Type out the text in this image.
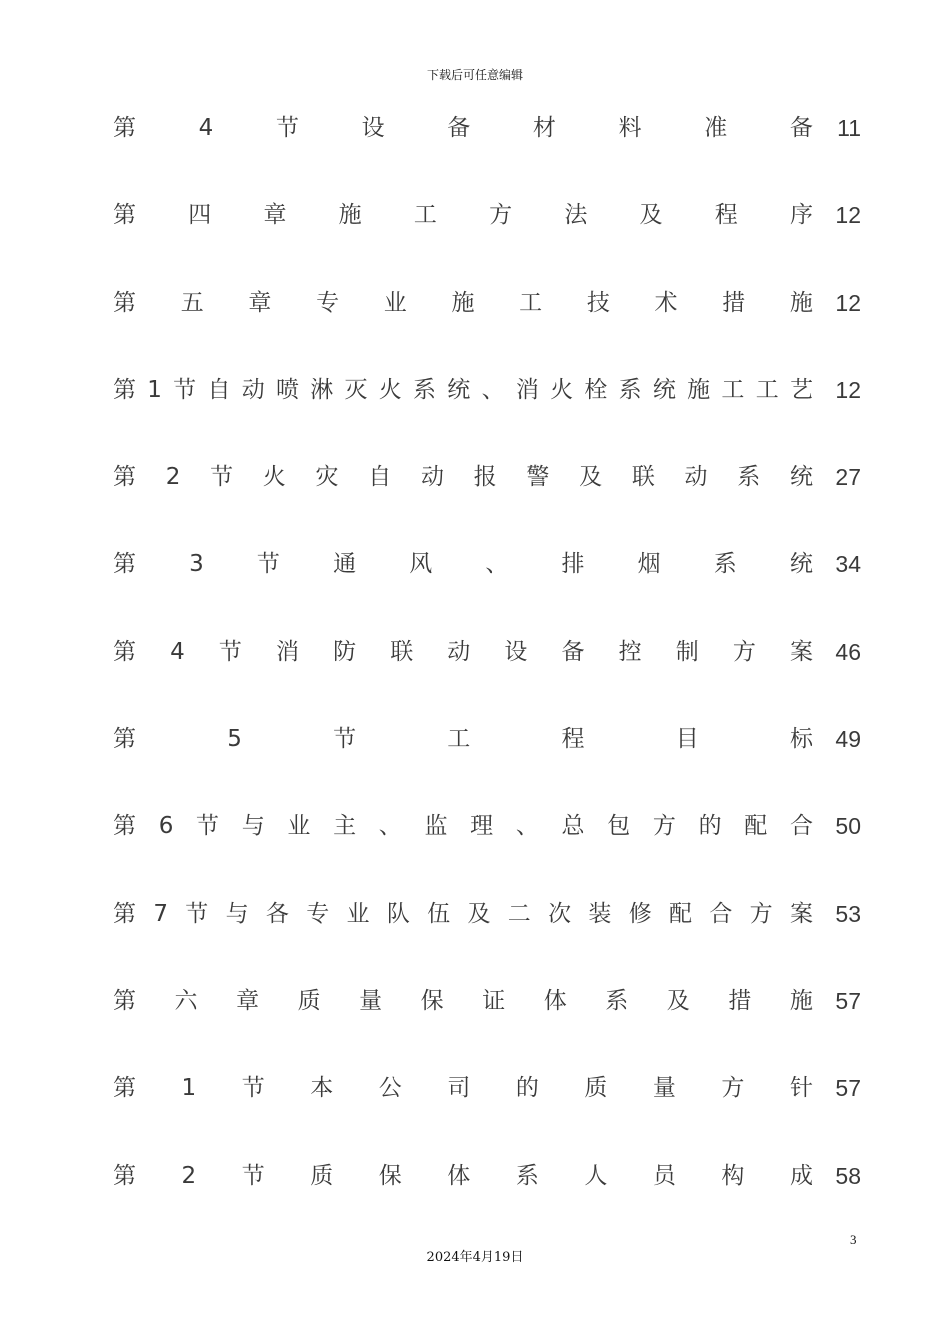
下载后可任意编辑
第	4	节	设	备	材	料	准	备 11
第 四 章 施 工 方 法 及 程 序 12
第 五 章 专 业 施 工 技 术 措 施 12
第 1 节 自 动 喷 淋 灭 火 系 统 、 消 火 栓 系 统 施 工 工 艺 12
第 2 节 火 灾 自 动 报 警 及 联 动 系 统 27
第 3 节 通 风 、 排 烟 系 统 34
第 4 节 消 防 联 动 设 备 控 制 方 案 46
第	5	节	工	程	目	标 49
第 6 节 与 业 主 、 监 理 、 总 包 方 的 配 合 50
第 7 节 与 各 专 业 队 伍 及 二 次 装 修 配 合 方 案 53
第 六 章 质 量 保 证 体 系 及 措 施 57
第 1 节 本 公 司 的 质 量 方 针 57
第 2 节 质 保 体 系 人 员 构 成 58
3
2024年4月19日
